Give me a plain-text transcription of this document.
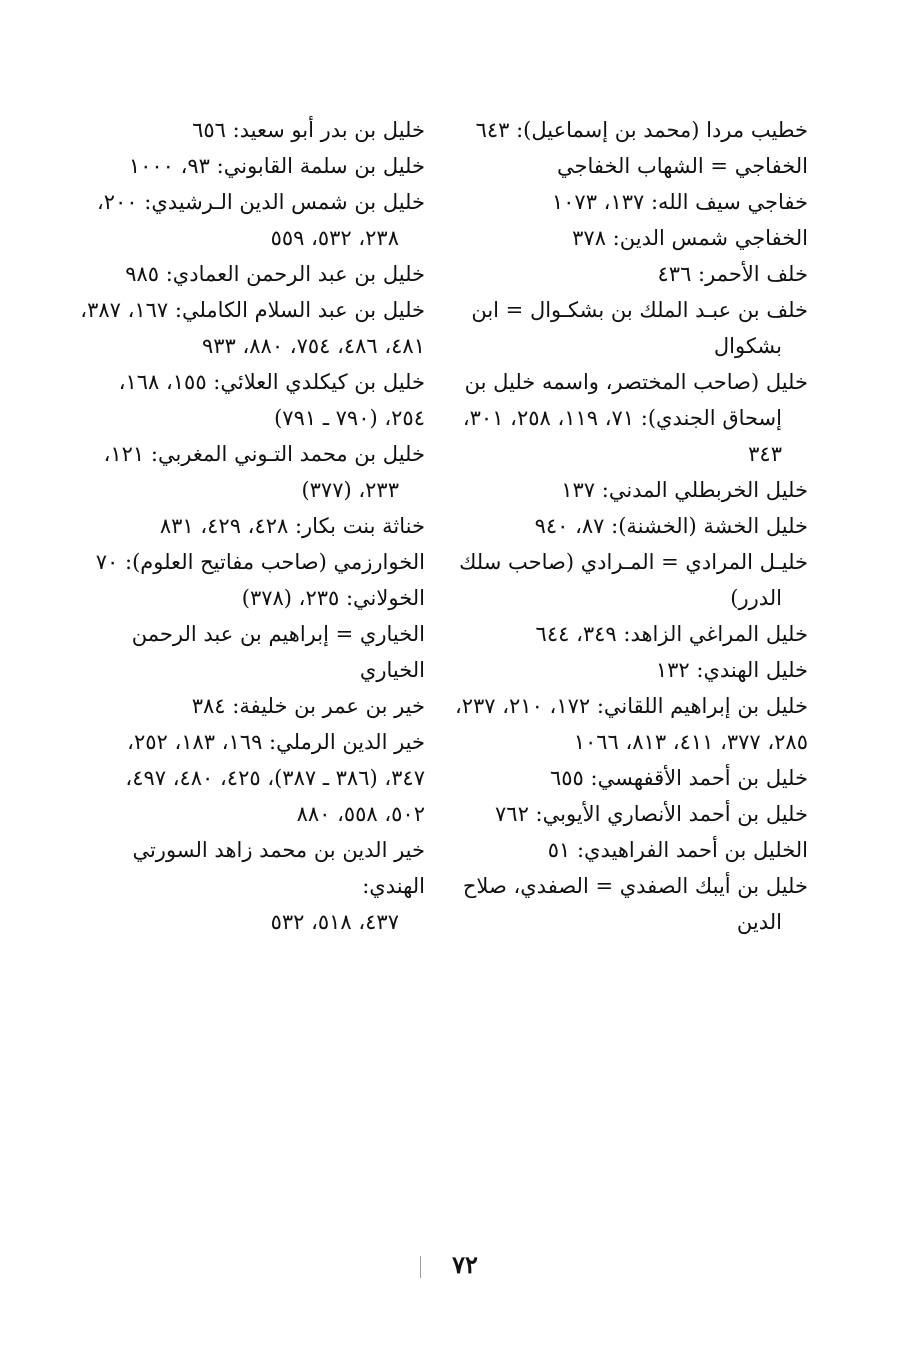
خطيب مردا (محمد بن إسماعيل): ٦٤٣

الخفاجي = الشهاب الخفاجي

خفاجي سيف الله: ١٣٧، ١٠٧٣

الخفاجي شمس الدين: ٣٧٨

خلف الأحمر: ٤٣٦

خلف بن عبـد الملك بن بشكـوال = ابن
بشكوال

خليل (صاحب المختصر، واسمه خليل بن
إسحاق الجندي): ٧١، ١١٩، ٢٥٨، ٣٠١، ٣٤٣

خليل الخربطلي المدني: ١٣٧

خليل الخشة (الخشنة): ٨٧، ٩٤٠

خليـل المرادي = المـرادي (صاحب سلك
الدرر)

خليل المراغي الزاهد: ٣٤٩، ٦٤٤

خليل الهندي: ١٣٢

خليل بن إبراهيم اللقاني: ١٧٢، ٢١٠، ٢٣٧، ٢٨٥، ٣٧٧، ٤١١، ٨١٣، ١٠٦٦

خليل بن أحمد الأقفهسي: ٦٥٥

خليل بن أحمد الأنصاري الأيوبي: ٧٦٢

الخليل بن أحمد الفراهيدي: ٥١

خليل بن أيبك الصفدي = الصفدي، صلاح
الدين

خليل بن بدر أبو سعيد: ٦٥٦

خليل بن سلمة القابوني: ٩٣، ١٠٠٠

خليل بن شمس الدين الـرشيدي: ٢٠٠،
٢٣٨، ٥٣٢، ٥٥٩

خليل بن عبد الرحمن العمادي: ٩٨٥

خليل بن عبد السلام الكاملي: ١٦٧، ٣٨٧، ٤٨١، ٤٨٦، ٧٥٤، ٨٨٠، ٩٣٣

خليل بن كيكلدي العلائي: ١٥٥، ١٦٨، ٢٥٤، (٧٩٠ ـ ٧٩١)

خليل بن محمد التـوني المغربي: ١٢١،
٢٣٣، (٣٧٧)

خناثة بنت بكار: ٤٢٨، ٤٢٩، ٨٣١

الخوارزمي (صاحب مفاتيح العلوم): ٧٠

الخولاني: ٢٣٥، (٣٧٨)

الخياري = إبراهيم بن عبد الرحمن الخياري

خير بن عمر بن خليفة: ٣٨٤

خير الدين الرملي: ١٦٩، ١٨٣، ٢٥٢، ٣٤٧، (٣٨٦ ـ ٣٨٧)، ٤٢٥، ٤٨٠، ٤٩٧، ٥٠٢، ٥٥٨، ٨٨٠

خير الدين بن محمد زاهد السورتي الهندي:
٤٣٧، ٥١٨، ٥٣٢

٧٢
